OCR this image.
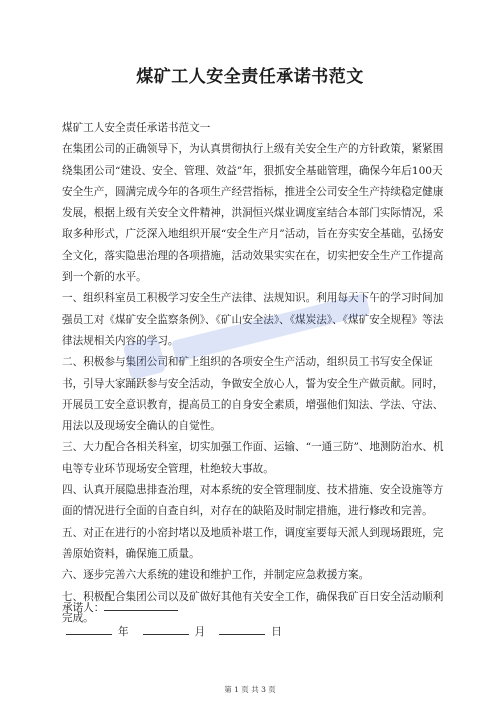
煤矿工人安全责任承诺书范文

煤矿工人安全责任承诺书范文一

在集团公司的正确领导下，为认真贯彻执行上级有关安全生产的方针政策，紧紧围绕集团公司“建设、安全、管理、效益”年，狠抓安全基础管理，确保今年后100天安全生产，圆满完成今年的各项生产经营指标，推进全公司安全生产持续稳定健康发展，根据上级有关安全文件精神，洪洞恒兴煤业调度室结合本部门实际情况，采取多种形式，广泛深入地组织开展“安全生产月”活动，旨在夯实安全基础，弘扬安全文化，落实隐患治理的各项措施，活动效果实实在在，切实把安全生产工作提高到一个新的水平。

一、组织科室员工积极学习安全生产法律、法规知识。利用每天下午的学习时间加强员工对《煤矿安全监察条例》、《矿山安全法》、《煤炭法》、《煤矿安全规程》等法律法规相关内容的学习。

二、积极参与集团公司和矿上组织的各项安全生产活动，组织员工书写安全保证书，引导大家踊跃参与安全活动，争做安全放心人，誓为安全生产做贡献。同时，开展员工安全意识教育，提高员工的自身安全素质，增强他们知法、学法、守法、用法以及现场安全确认的自觉性。

三、大力配合各相关科室，切实加强工作面、运输、“一通三防”、地测防治水、机电等专业环节现场安全管理，杜绝较大事故。

四、认真开展隐患排查治理，对本系统的安全管理制度、技术措施、安全设施等方面的情况进行全面的自查自纠，对存在的缺陷及时制定措施，进行修改和完善。

五、对正在进行的小窑封堵以及地质补堪工作，调度室要每天派人到现场跟班，完善原始资料，确保施工质量。

六、逐步完善六大系统的建设和维护工作，并制定应急救援方案。

七、积极配合集团公司以及矿做好其他有关安全工作，确保我矿百日安全活动顺利完成。

承诺人：
年	月	日
第 1 页 共 3 页
